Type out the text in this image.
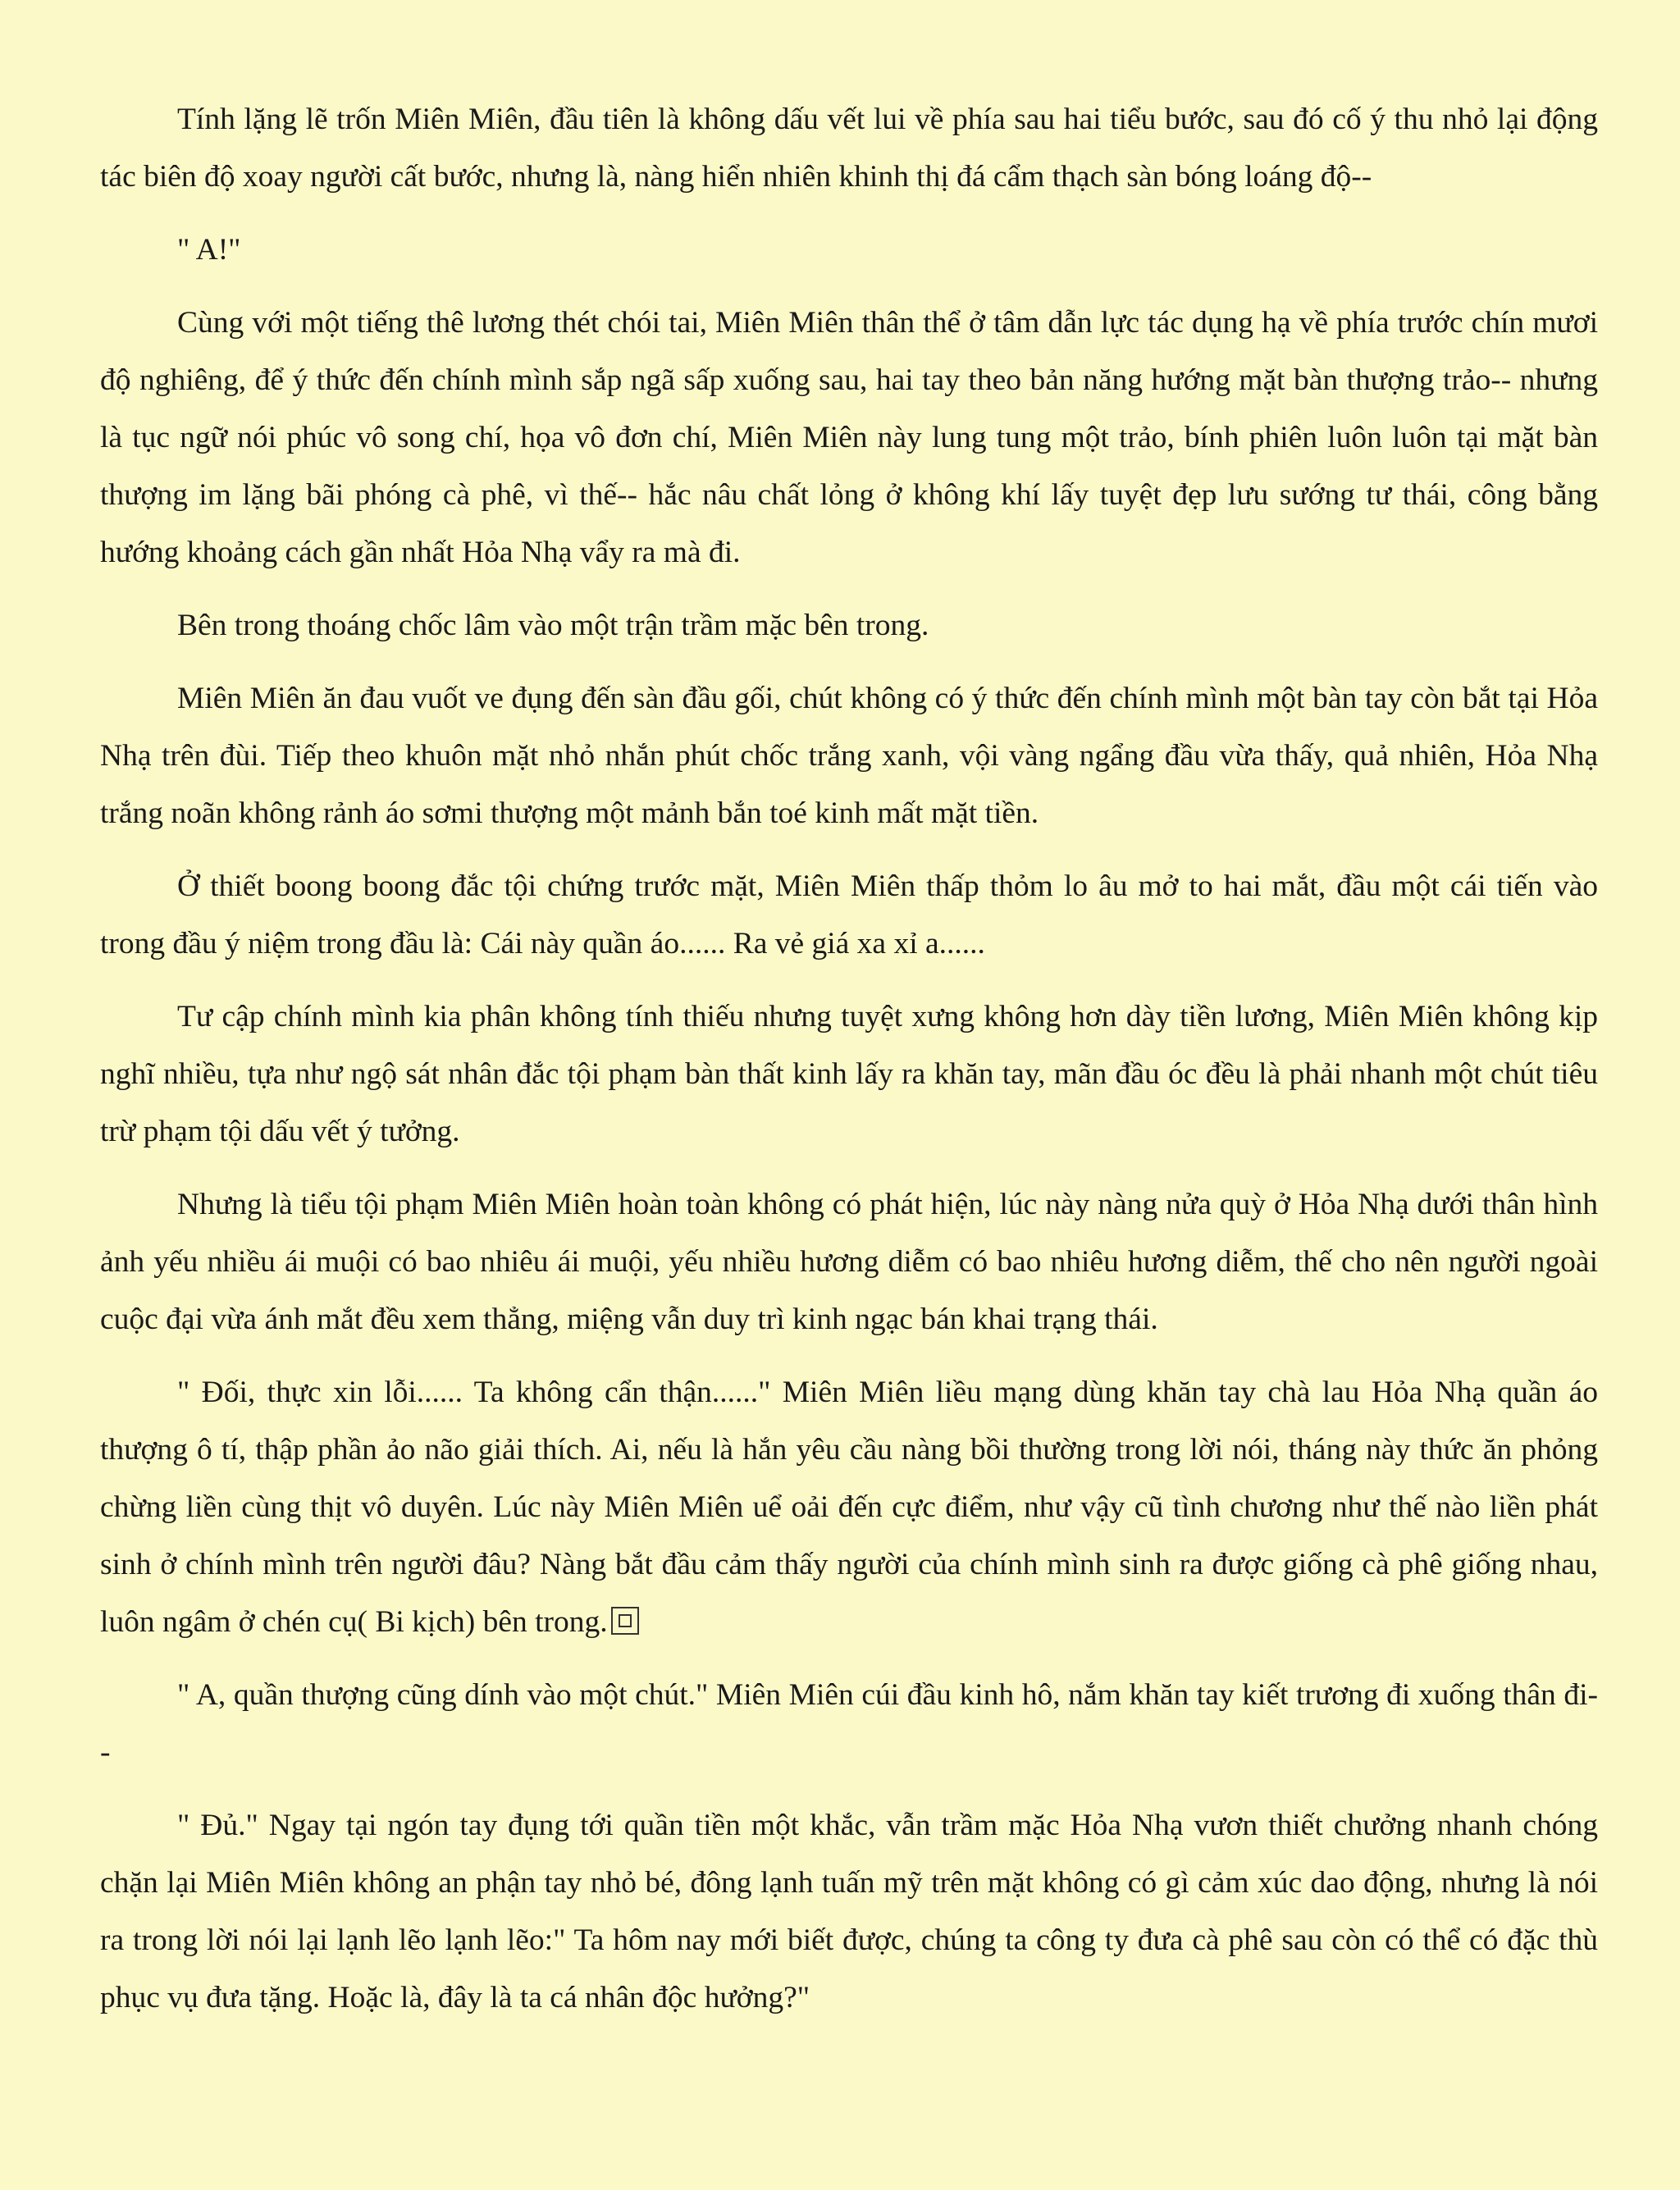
Tính lặng lẽ trốn Miên Miên, đầu tiên là không dấu vết lui về phía sau hai tiểu bước, sau đó cố ý thu nhỏ lại động tác biên độ xoay người cất bước, nhưng là, nàng hiển nhiên khinh thị đá cẩm thạch sàn bóng loáng độ--

" A!"

Cùng với một tiếng thê lương thét chói tai, Miên Miên thân thể ở tâm dẫn lực tác dụng hạ về phía trước chín mươi độ nghiêng, để ý thức đến chính mình sắp ngã sấp xuống sau, hai tay theo bản năng hướng mặt bàn thượng trảo-- nhưng là tục ngữ nói phúc vô song chí, họa vô đơn chí, Miên Miên này lung tung một trảo, bính phiên luôn luôn tại mặt bàn thượng im lặng bãi phóng cà phê, vì thế-- hắc nâu chất lỏng ở không khí lấy tuyệt đẹp lưu sướng tư thái, công bằng hướng khoảng cách gần nhất Hỏa Nhạ vẩy ra mà đi.

Bên trong thoáng chốc lâm vào một trận trầm mặc bên trong.

Miên Miên ăn đau vuốt ve đụng đến sàn đầu gối, chút không có ý thức đến chính mình một bàn tay còn bắt tại Hỏa Nhạ trên đùi. Tiếp theo khuôn mặt nhỏ nhắn phút chốc trắng xanh, vội vàng ngẩng đầu vừa thấy, quả nhiên, Hỏa Nhạ trắng noãn không rảnh áo sơmi thượng một mảnh bắn toé kinh mất mặt tiền.

Ở thiết boong boong đắc tội chứng trước mặt, Miên Miên thấp thỏm lo âu mở to hai mắt, đầu một cái tiến vào trong đầu ý niệm trong đầu là: Cái này quần áo...... Ra vẻ giá xa xỉ a......

Tư cập chính mình kia phân không tính thiếu nhưng tuyệt xưng không hơn dày tiền lương, Miên Miên không kịp nghĩ nhiều, tựa như ngộ sát nhân đắc tội phạm bàn thất kinh lấy ra khăn tay, mãn đầu óc đều là phải nhanh một chút tiêu trừ phạm tội dấu vết ý tưởng.

Nhưng là tiểu tội phạm Miên Miên hoàn toàn không có phát hiện, lúc này nàng nửa quỳ ở Hỏa Nhạ dưới thân hình ảnh yếu nhiều ái muội có bao nhiêu ái muội, yếu nhiều hương diễm có bao nhiêu hương diễm, thế cho nên người ngoài cuộc đại vừa ánh mắt đều xem thẳng, miệng vẫn duy trì kinh ngạc bán khai trạng thái.

" Đối, thực xin lỗi...... Ta không cẩn thận......" Miên Miên liều mạng dùng khăn tay chà lau Hỏa Nhạ quần áo thượng ô tí, thập phần ảo não giải thích. Ai, nếu là hắn yêu cầu nàng bồi thường trong lời nói, tháng này thức ăn phỏng chừng liền cùng thịt vô duyên. Lúc này Miên Miên uể oải đến cực điểm, như vậy cũ tình chương như thế nào liền phát sinh ở chính mình trên người đâu? Nàng bắt đầu cảm thấy người của chính mình sinh ra được giống cà phê giống nhau, luôn ngâm ở chén cụ( Bi kịch) bên trong.

" A, quần thượng cũng dính vào một chút." Miên Miên cúi đầu kinh hô, nắm khăn tay kiết trương đi xuống thân đi--

" Đủ." Ngay tại ngón tay đụng tới quần tiền một khắc, vẫn trầm mặc Hỏa Nhạ vươn thiết chưởng nhanh chóng chặn lại Miên Miên không an phận tay nhỏ bé, đông lạnh tuấn mỹ trên mặt không có gì cảm xúc dao động, nhưng là nói ra trong lời nói lại lạnh lẽo lạnh lẽo:" Ta hôm nay mới biết được, chúng ta công ty đưa cà phê sau còn có thể có đặc thù phục vụ đưa tặng. Hoặc là, đây là ta cá nhân độc hưởng?"
